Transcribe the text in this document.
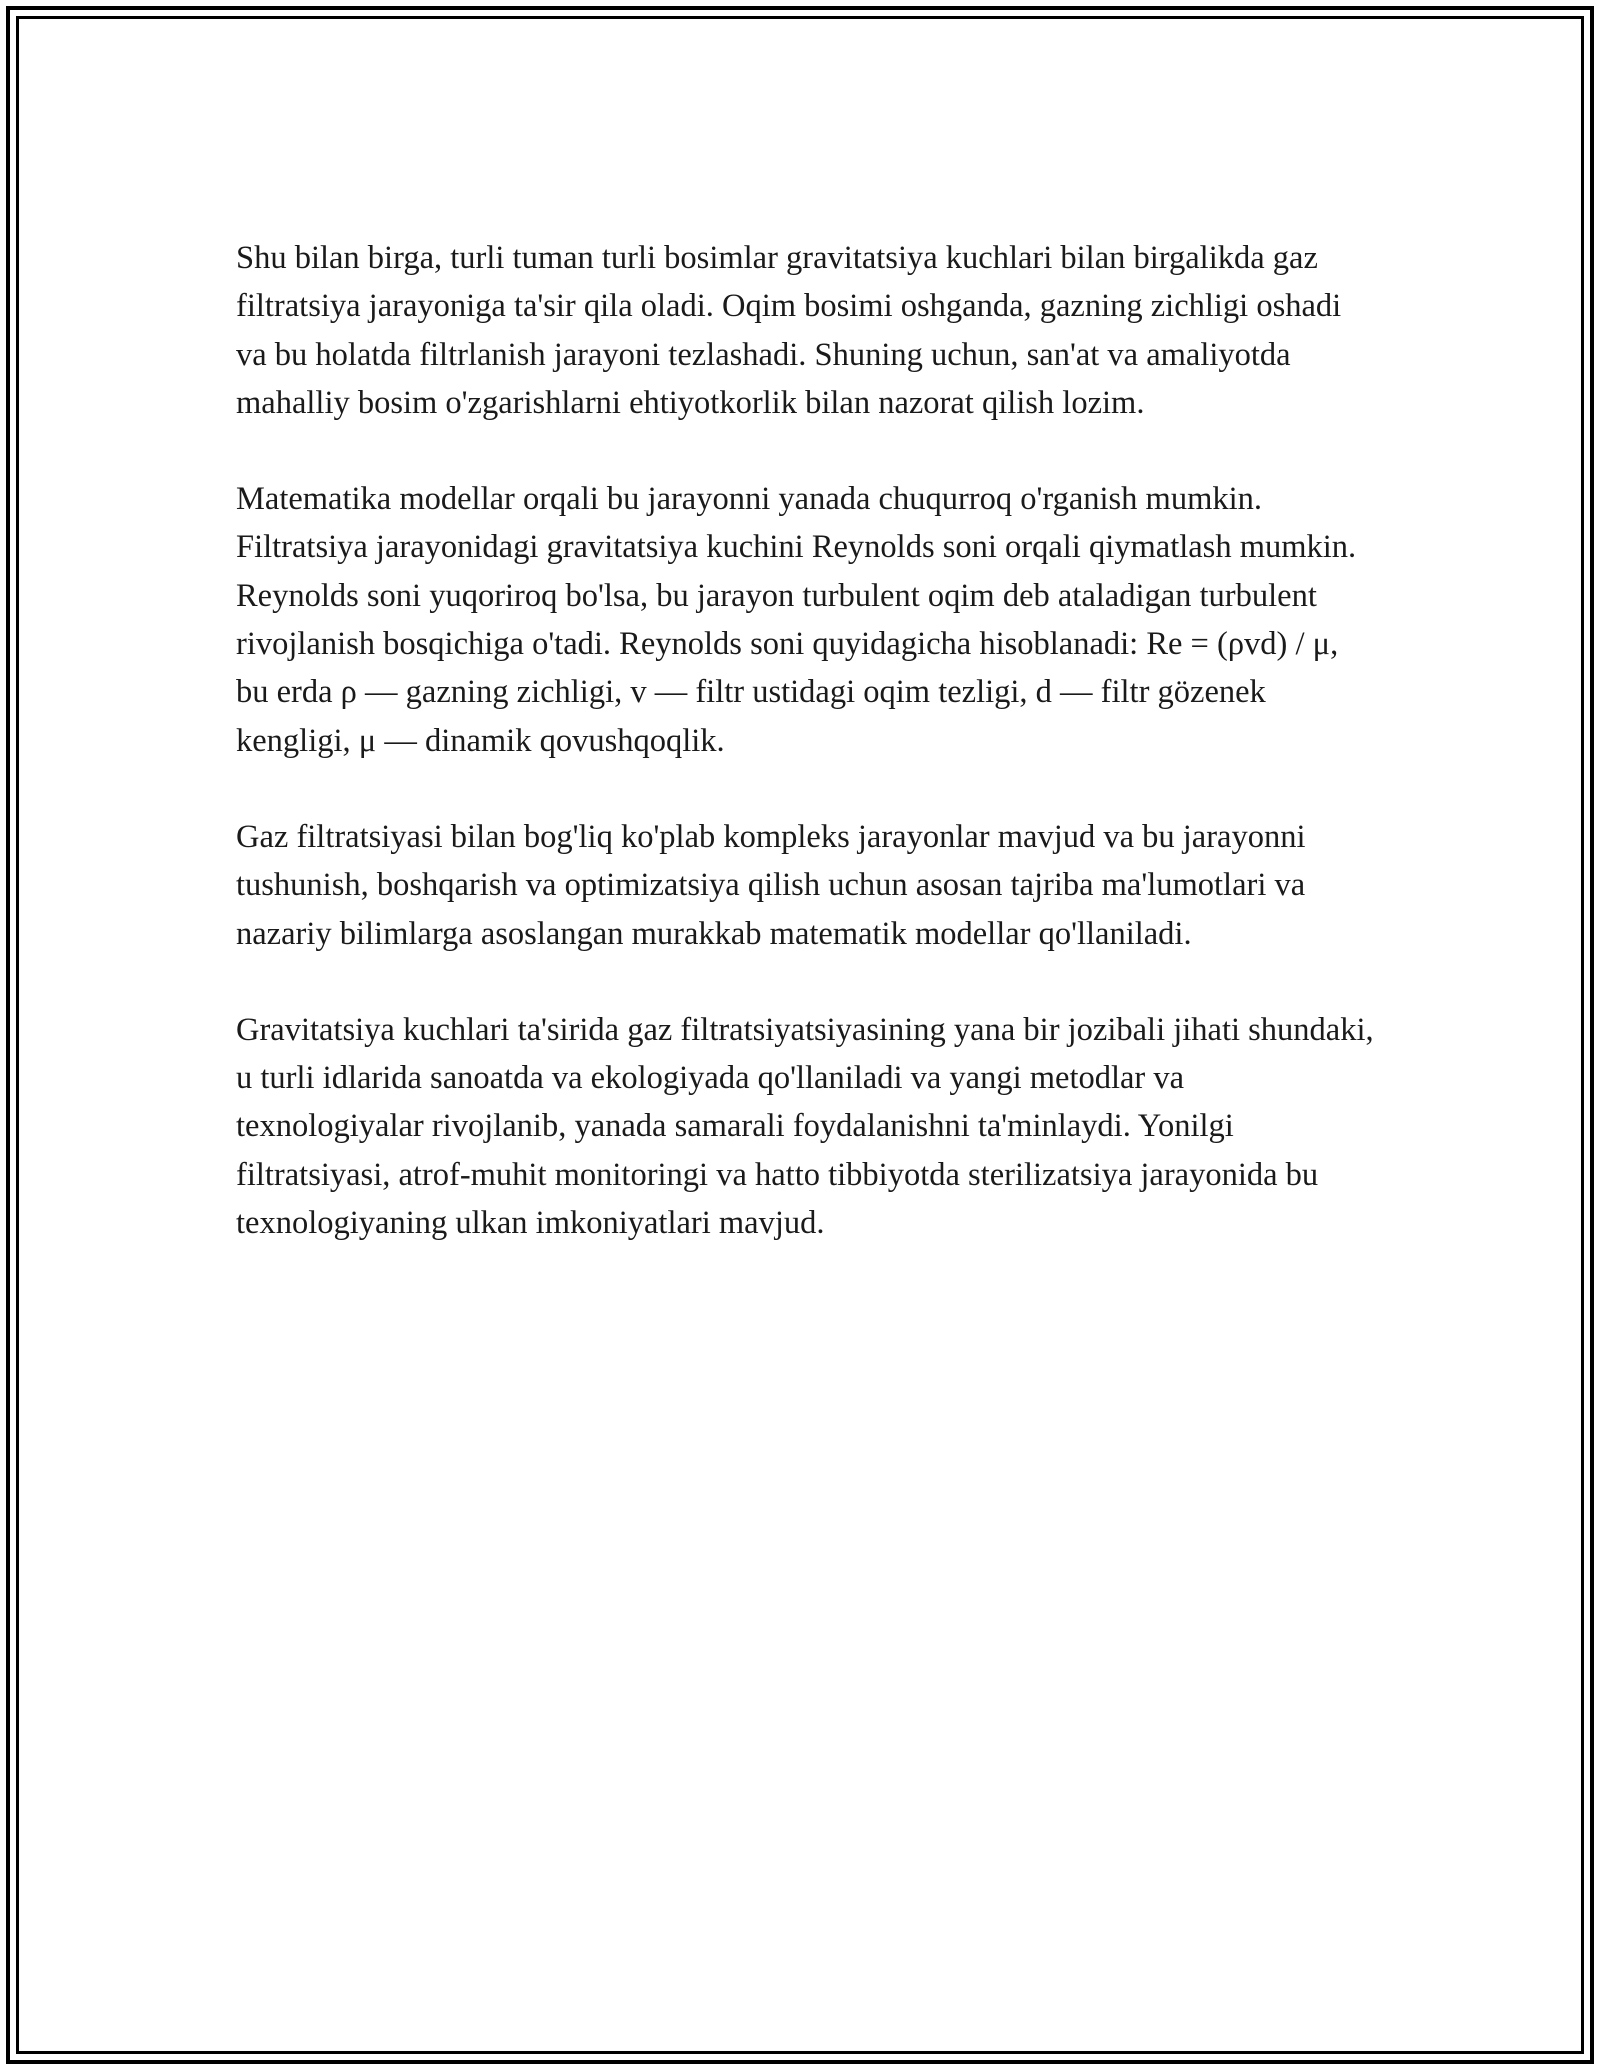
Shu bilan birga, turli tuman turli bosimlar gravitatsiya kuchlari bilan birgalikda gaz filtratsiya jarayoniga ta'sir qila oladi. Oqim bosimi oshganda, gazning zichligi oshadi va bu holatda filtrlanish jarayoni tezlashadi. Shuning uchun, san'at va amaliyotda mahalliy bosim o'zgarishlarni ehtiyotkorlik bilan nazorat qilish lozim.

Matematika modellar orqali bu jarayonni yanada chuqurroq o'rganish mumkin. Filtratsiya jarayonidagi gravitatsiya kuchini Reynolds soni orqali qiymatlash mumkin. Reynolds soni yuqoriroq bo'lsa, bu jarayon turbulent oqim deb ataladigan turbulent rivojlanish bosqichiga o'tadi. Reynolds soni quyidagicha hisoblanadi: Re = (ρvd) / μ, bu erda ρ — gazning zichligi, v — filtr ustidagi oqim tezligi, d — filtr gözenek kengligi, μ — dinamik qovushqoqlik.

Gaz filtratsiyasi bilan bog'liq ko'plab kompleks jarayonlar mavjud va bu jarayonni tushunish, boshqarish va optimizatsiya qilish uchun asosan tajriba ma'lumotlari va nazariy bilimlarga asoslangan murakkab matematik modellar qo'llaniladi.

Gravitatsiya kuchlari ta'sirida gaz filtratsiyatsiyasining yana bir jozibali jihati shundaki, u turli idlarida sanoatda va ekologiyada qo'llaniladi va yangi metodlar va texnologiyalar rivojlanib, yanada samarali foydalanishni ta'minlaydi. Yonilgi filtratsiyasi, atrof-muhit monitoringi va hatto tibbiyotda sterilizatsiya jarayonida bu texnologiyaning ulkan imkoniyatlari mavjud.
